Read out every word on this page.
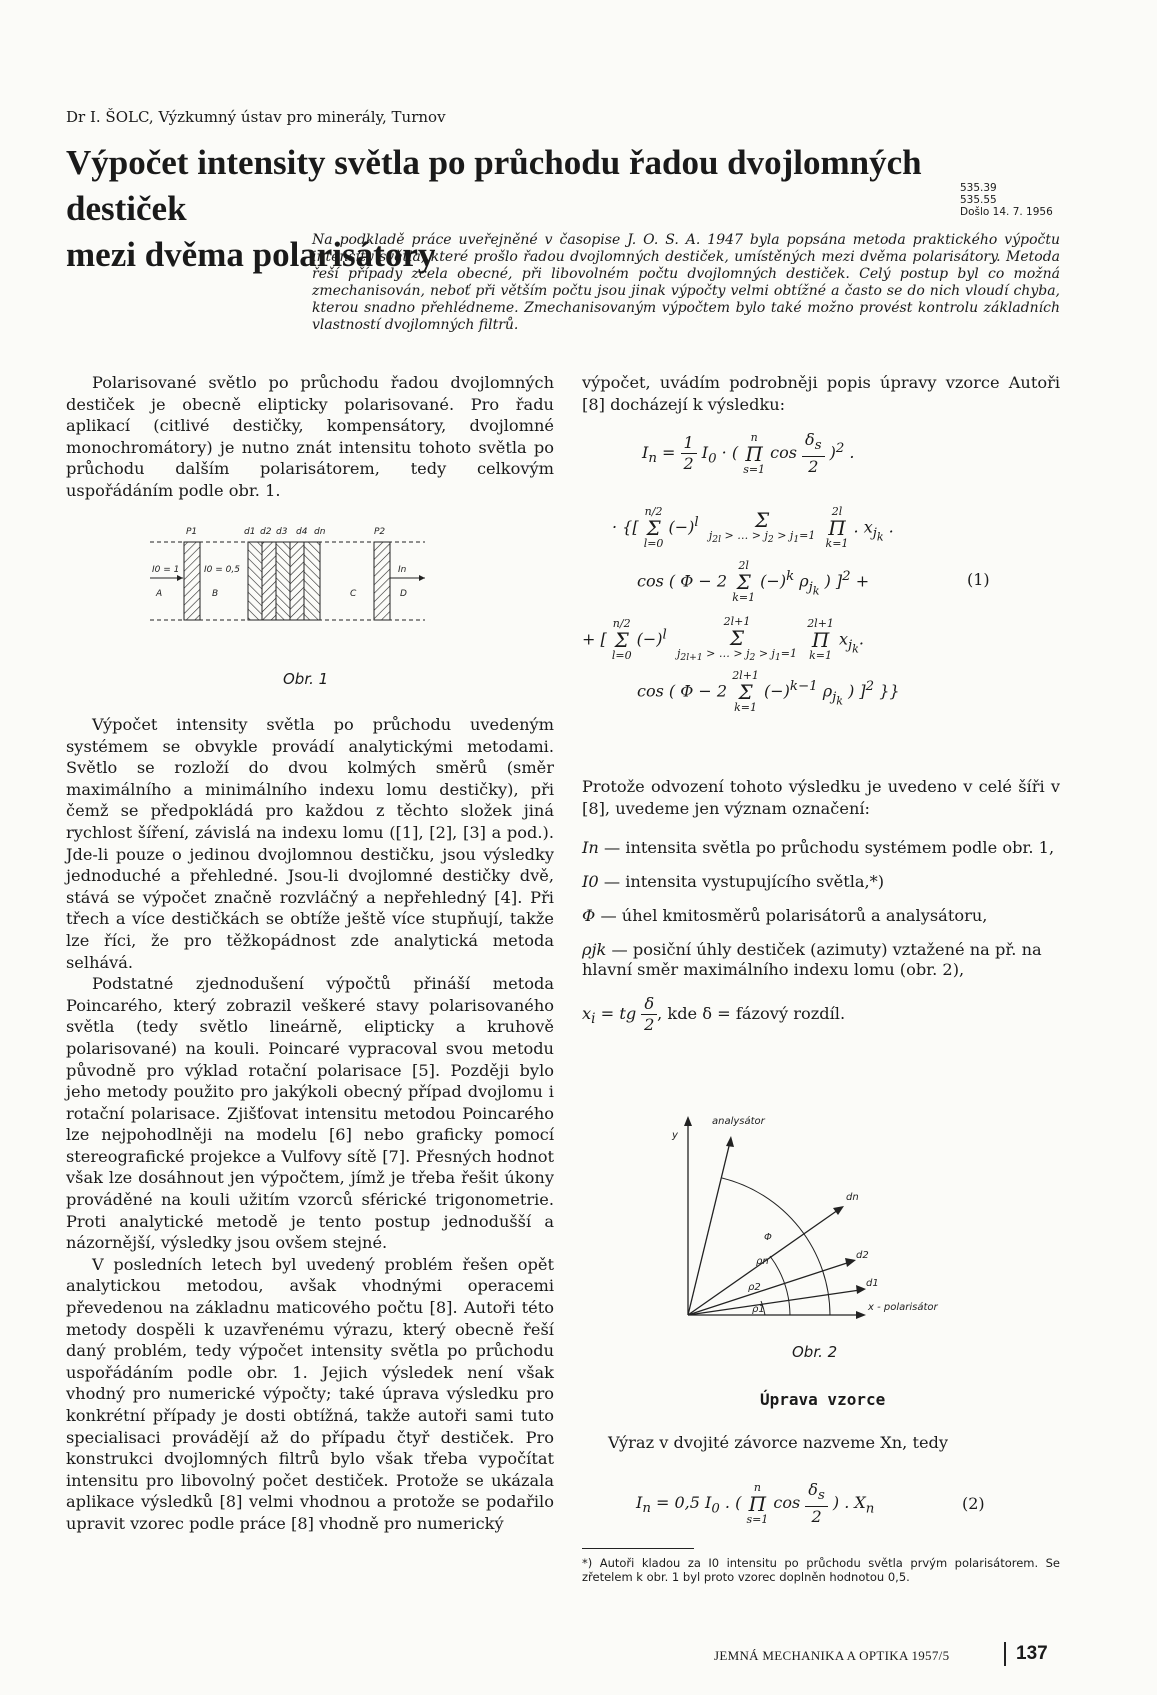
Dr I. ŠOLC, Výzkumný ústav pro minerály, Turnov
Výpočet intensity světla po průchodu řadou dvojlomných destiček
mezi dvěma polarisátory
535.39
535.55
Došlo 14. 7. 1956
Na podkladě práce uveřejněné v časopise J. O. S. A. 1947 byla popsána metoda praktického výpočtu intensity světla, které prošlo řadou dvojlomných destiček, umístěných mezi dvěma polarisátory. Metoda řeší případy zcela obecné, při libovolném počtu dvojlomných destiček. Celý postup byl co možná zmechanisován, neboť při větším počtu jsou jinak výpočty velmi obtížné a často se do nich vloudí chyba, kterou snadno přehlédneme. Zmechanisovaným výpočtem bylo také možno provést kontrolu základních vlastností dvojlomných filtrů.

Polarisované světlo po průchodu řadou dvojlomných destiček je obecně elipticky polarisované. Pro řadu aplikací (citlivé destičky, kompensátory, dvojlomné monochromátory) je nutno znát intensitu tohoto světla po průchodu dalším polarisátorem, tedy celkovým uspořádáním podle obr. 1.

P1	d1 d2 d3 d4 dn	P2
I0 = 1	I0 = 0,5	In
A	B	C	D
Obr. 1

Výpočet intensity světla po průchodu uvedeným systémem se obvykle provádí analytickými metodami. Světlo se rozloží do dvou kolmých směrů (směr maximálního a minimálního indexu lomu destičky), při čemž se předpokládá pro každou z těchto složek jiná rychlost šíření, závislá na indexu lomu ([1], [2], [3] a pod.). Jde-li pouze o jedinou dvojlomnou destičku, jsou výsledky jednoduché a přehledné. Jsou-li dvojlomné destičky dvě, stává se výpočet značně rozvláčný a nepřehledný [4]. Při třech a více destičkách se obtíže ještě více stupňují, takže lze říci, že pro těžkopádnost zde analytická metoda selhává.

Podstatné zjednodušení výpočtů přináší metoda Poincarého, který zobrazil veškeré stavy polarisovaného světla (tedy světlo lineárně, elipticky a kruhově polarisované) na kouli. Poincaré vypracoval svou metodu původně pro výklad rotační polarisace [5]. Později bylo jeho metody použito pro jakýkoli obecný případ dvojlomu i rotační polarisace. Zjišťovat intensitu metodou Poincarého lze nejpohodlněji na modelu [6] nebo graficky pomocí stereografické projekce a Vulfovy sítě [7]. Přesných hodnot však lze dosáhnout jen výpočtem, jímž je třeba řešit úkony prováděné na kouli užitím vzorců sférické trigonometrie. Proti analytické metodě je tento postup jednodušší a názornější, výsledky jsou ovšem stejné.

V posledních letech byl uvedený problém řešen opět analytickou metodou, avšak vhodnými operacemi převedenou na základnu maticového počtu [8]. Autoři této metody dospěli k uzavřenému výrazu, který obecně řeší daný problém, tedy výpočet intensity světla po průchodu uspořádáním podle obr. 1. Jejich výsledek není však vhodný pro numerické výpočty; také úprava výsledku pro konkrétní případy je dosti obtížná, takže autoři sami tuto specialisaci provádějí až do případu čtyř destiček. Pro konstrukci dvojlomných filtrů bylo však třeba vypočítat intensitu pro libovolný počet destiček. Protože se ukázala aplikace výsledků [8] velmi vhodnou a protože se podařilo upravit vzorec podle práce [8] vhodně pro numerický

výpočet, uvádím podrobněji popis úpravy vzorce Autoři [8] docházejí k výsledku:

$I_n = \frac{1}{2} I_0$ · (
n
Π
s=1
$\cos \frac{\delta_s}{2} )^2$ .
· {[
n/2
Σ
l=0
$(-)^l$	Σ
$j_{2l}$ > … > $j_2 > j_1=1$

2l
Π
k=1
. $x_{j_k}$ .
cos ( Φ − 2
2l
Σ
k=1
$(-)^k$ $\rho_{j_k}$ ) ]$^2$ +	(1)
+ [
n/2
Σ
l=0
$(-)^l$
2l+1
Σ
$j_{2l+1}$ > … > $j_2 > j_1=1$

2l+1
Π
k=1
$x_{j_k}$.
cos ( Φ − 2
2l+1
Σ
k=1
$(-)^{k-1}$ $\rho_{j_k}$ ) ]$^2$ }}

Protože odvození tohoto výsledku je uvedeno v celé šíři v [8], uvedeme jen význam označení:

In — intensita světla po průchodu systémem podle obr. 1,
I0 — intensita vystupujícího světla,*)
Φ — úhel kmitosměrů polarisátorů a analysátoru,
ρjk — posiční úhly destiček (azimuty) vztažené na př. na hlavní směr maximálního indexu lomu (obr. 2),
$x_i$ = tg $\frac{\delta}{2}$ , kde δ = fázový rozdíl.
y
analysátor
x - polarisátor
dn
d2
d1
Φ
ρn
ρ2
ρ1
Obr. 2
Úprava vzorce

Výraz v dvojité závorce nazveme Xn, tedy

$I_n = 0,5$ $I_0$ . (
n
Π
s=1
$\cos \frac{\delta_s}{2}$ ) . $X_n$	(2)
*) Autoři kladou za I0 intensitu po průchodu světla prvým polarisátorem. Se zřetelem k obr. 1 byl proto vzorec doplněn hodnotou 0,5.
JEMNÁ MECHANIKA A OPTIKA 1957/5	137
